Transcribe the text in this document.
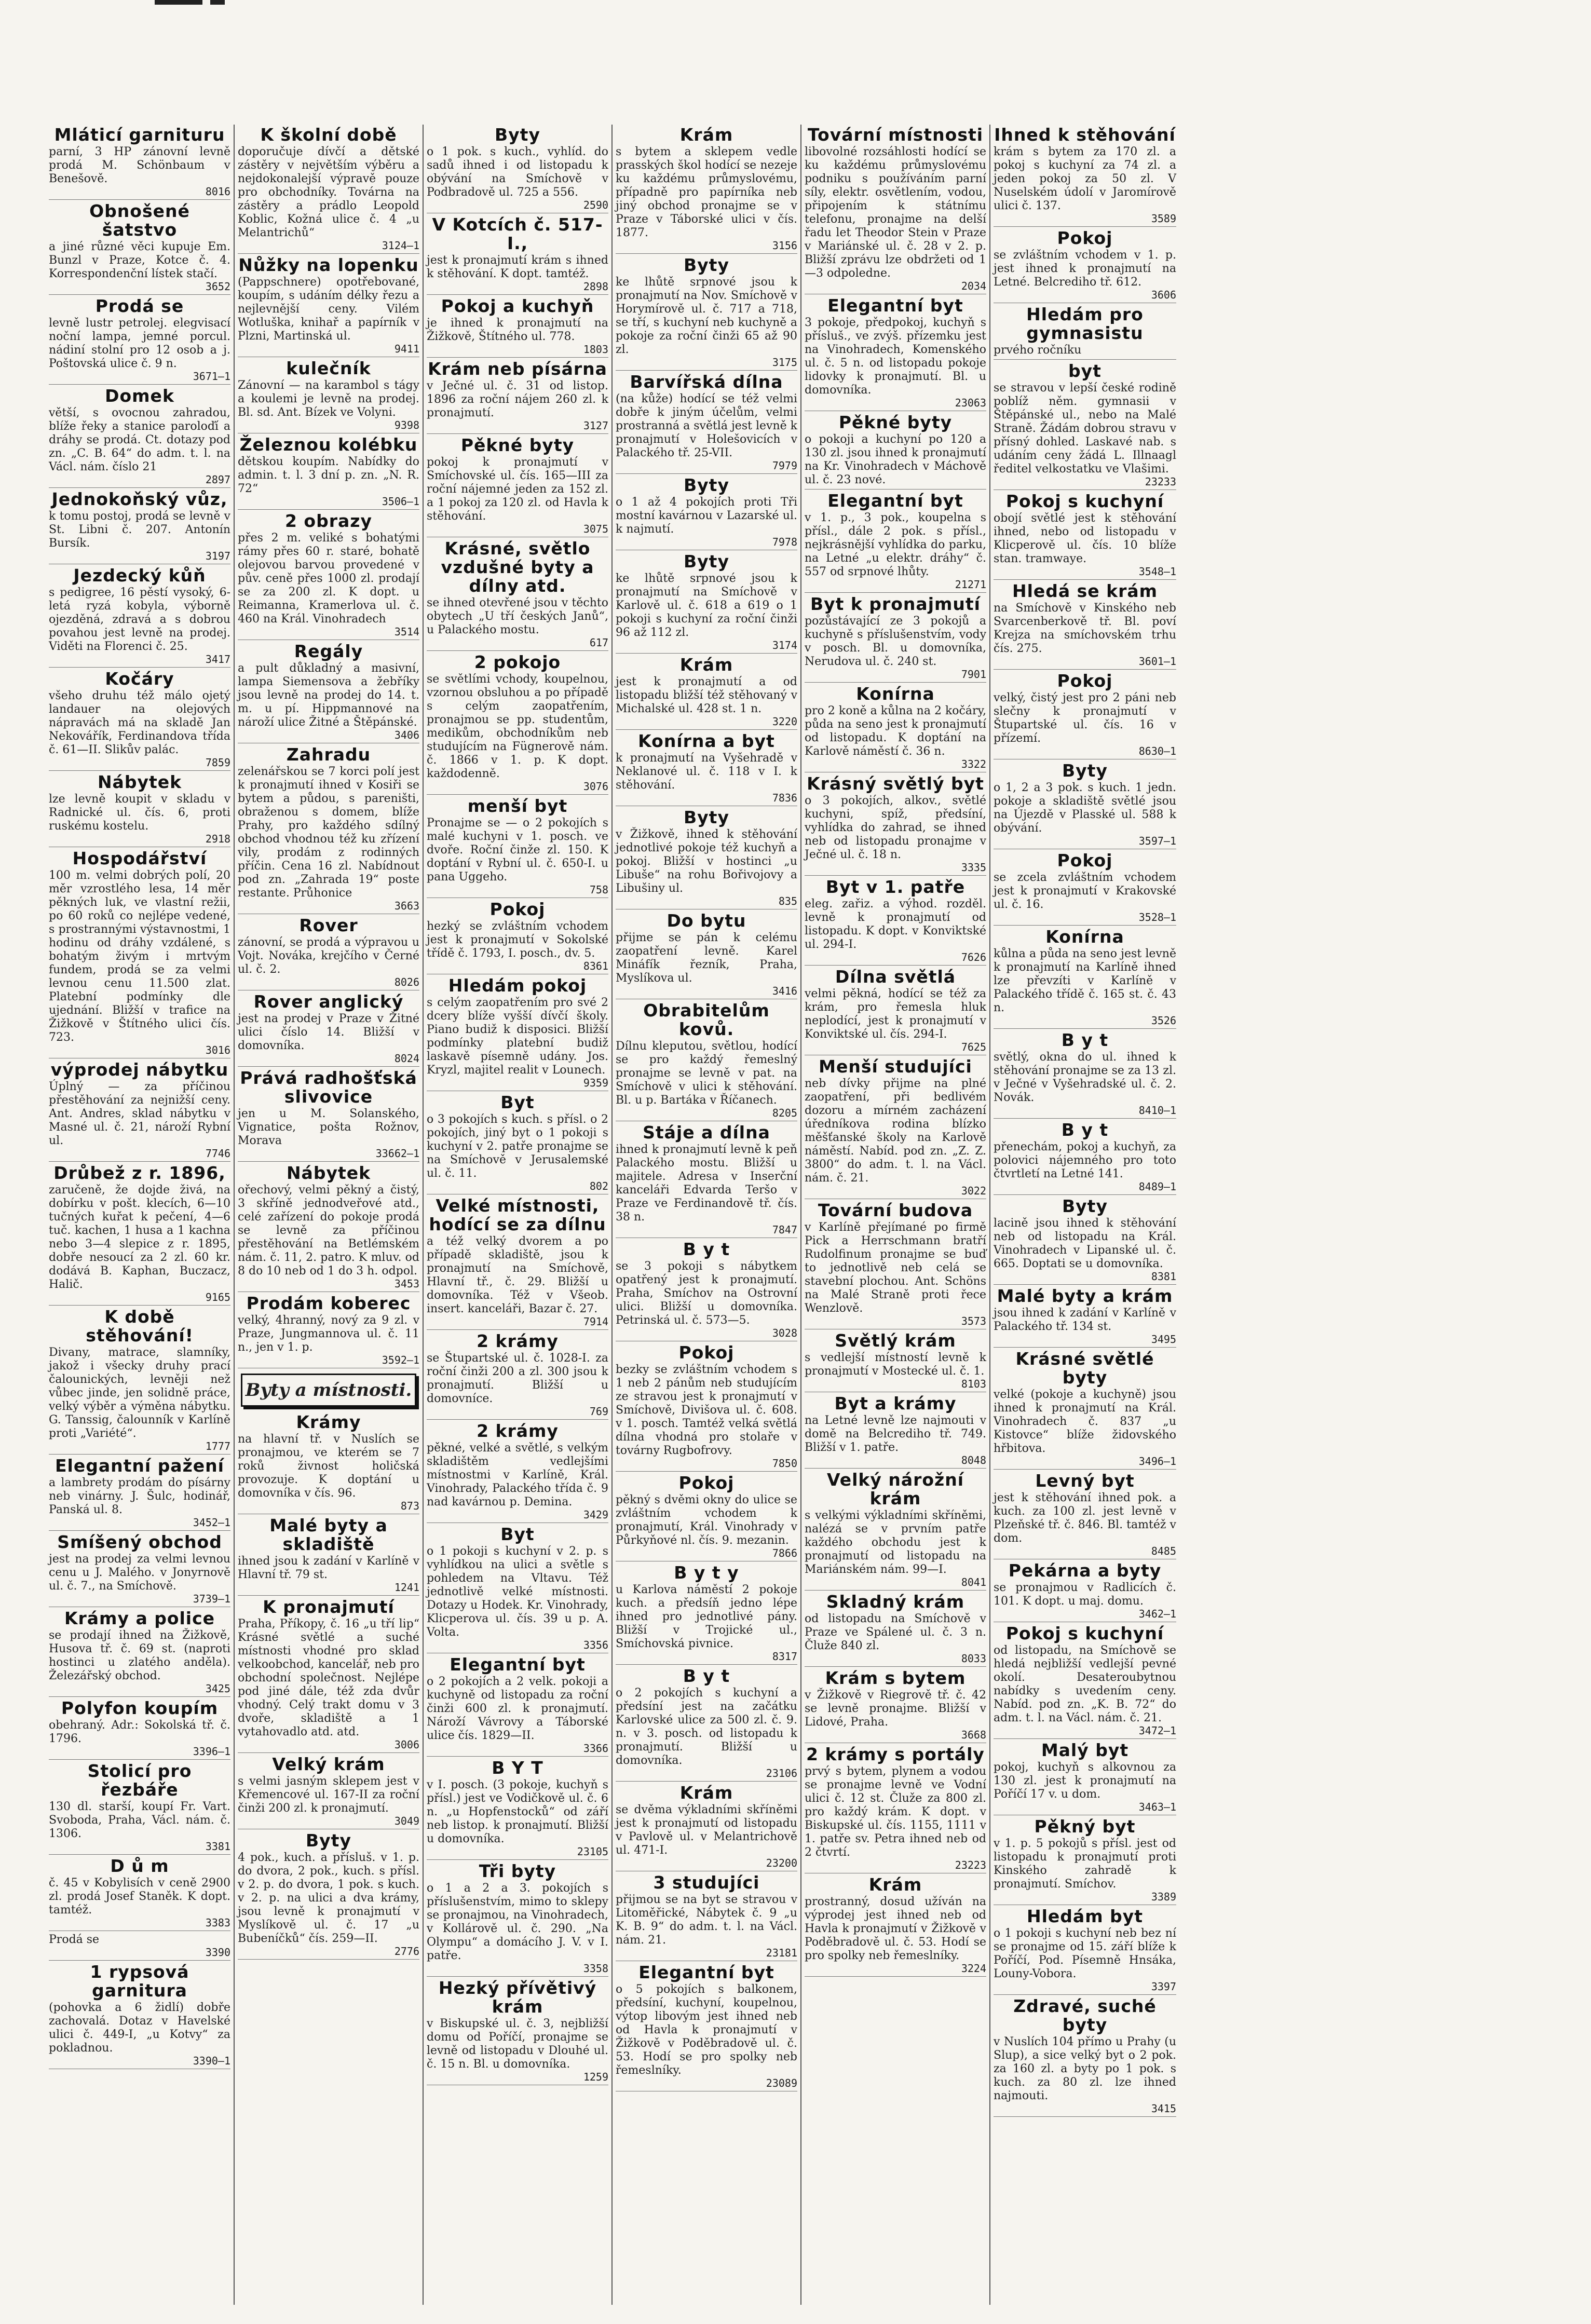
Mláticí garnituru

parní, 3 HP zánovní levně prodá M. Schönbaum v Benešově.

8016

Obnošené šatstvo

a jiné různé věci kupuje Em. Bunzl v Praze, Kotce č. 4. Korrespondenční lístek stačí.

3652

Prodá se

levně lustr petrolej. elegvisací noční lampa, jemné porcul. nádiní stolní pro 12 osob a j. Poštovská ulice č. 9 n.

3671—1

Domek

větší, s ovocnou zahradou, blíže řeky a stanice paroloďí a dráhy se prodá. Ct. dotazy pod zn. „C. B. 64“ do adm. t. l. na Václ. nám. číslo 21

2897

Jednokoňský vůz,

k tomu postoj, prodá se levně v St. Libni č. 207. Antonín Bursík.

3197

Jezdecký kůň

s pedigree, 16 pěstí vysoký, 6-letá ryzá kobyla, výborně ojezděná, zdravá a s dobrou povahou jest levně na prodej. Viděti na Florenci č. 25.

3417

Kočáry

všeho druhu též málo ojetý landauer na olejových nápravách má na skladě Jan Nekovářík, Ferdinandova třída č. 61—II. Slikův palác.

7859

Nábytek

lze levně koupit v skladu v Radnické ul. čís. 6, proti ruskému kostelu.

2918

Hospodářství

100 m. velmi dobrých polí, 20 měr vzrostlého lesa, 14 měr pěkných luk, ve vlastní režii, po 60 roků co nejlépe vedené, s prostrannými výstavnostmi, 1 hodinu od dráhy vzdálené, s bohatým živým i mrtvým fundem, prodá se za velmi levnou cenu 11.500 zlat. Platební podmínky dle ujednání. Bližší v trafice na Žižkově v Štítného ulici čís. 723.

3016

výprodej nábytku

Úplný — za příčinou přestěhování za nejnižší ceny. Ant. Andres, sklad nábytku v Masné ul. č. 21, nároží Rybní ul.

7746

Drůbež z r. 1896,

zaručeně, že dojde živá, na dobírku v pošt. klecích, 6—10 tučných kuřat k pečení, 4—6 tuč. kachen, 1 husa a 1 kachna nebo 3—4 slepice z r. 1895, dobře nesoucí za 2 zl. 60 kr. dodává B. Kaphan, Buczacz, Halič.

9165

K době stěhování!

Divany, matrace, slamníky, jakož i všecky druhy prací čalounických, levněji než vůbec jinde, jen solidně práce, velký výběr a výměna nábytku. G. Tanssig, čalounník v Karlíně proti „Variété“.

1777

Elegantní pažení

a lambrety prodám do písárny neb vinárny. J. Šulc, hodinář, Panská ul. 8.

3452—1

Smíšený obchod

jest na prodej za velmi levnou cenu u J. Malého. v Jonyrnově ul. č. 7., na Smíchově.

3739—1

Krámy a police

se prodají ihned na Žižkově, Husova tř. č. 69 st. (naproti hostinci u zlatého anděla). Železářský obchod.

3425

Polyfon koupím

obehraný. Adr.: Sokolská tř. č. 1796.

3396—1

Stolicí pro řezbáře

130 dl. starší, koupí Fr. Vart. Svoboda, Praha, Václ. nám. č. 1306.

3381

D ů m

č. 45 v Kobylisích v ceně 2900 zl. prodá Josef Staněk. K dopt. tamtéž.

3383

Prodá se

3390

1 rypsová garnitura

(pohovka a 6 židlí) dobře zachovalá. Dotaz v Havelské ulici č. 449-I, „u Kotvy“ za pokladnou.

3390—1

K školní době

doporučuje dívčí a dětské zástěry v největším výběru a nejdokonalejší výpravě pouze pro obchodníky. Továrna na zástěry a prádlo Leopold Koblic, Kožná ulice č. 4 „u Melantrichů“

3124—1

Nůžky na lopenku

(Pappschnere) opotřebované, koupím, s udáním délky řezu a nejlevnější ceny. Vilém Wotluška, knihař a papírník v Plzni, Martinská ul.

9411

kulečník

Zánovní — na karambol s tágy a koulemi je levně na prodej. Bl. sd. Ant. Bízek ve Volyni.

9398

Železnou kolébku

dětskou koupím. Nabídky do admin. t. l. 3 dní p. zn. „N. R. 72“

3506—1

2 obrazy

přes 2 m. veliké s bohatými rámy přes 60 r. staré, bohatě olejovou barvou provedené v pův. ceně přes 1000 zl. prodají se za 200 zl. K dopt. u Reimanna, Kramerlova ul. č. 460 na Král. Vinohradech

3514

Regály

a pult důkladný a masivní, lampa Siemensova a žebříky jsou levně na prodej do 14. t. m. u pí. Hippmannové na nároží ulice Žitné a Štěpánské.

3406

Zahradu

zelenářskou se 7 korci polí jest k pronajmutí ihned v Kosiři se bytem a půdou, s pareništi, obraženou s domem, blíže Prahy, pro každého sdílný obchod vhodnou též ku zřízení vily, prodám z rodinných příčin. Cena 16 zl. Nabídnout pod zn. „Zahrada 19“ poste restante. Průhonice

3663

Rover

zánovní, se prodá a výpravou u Vojt. Nováka, krejčího v Černé ul. č. 2.

8026

Rover anglický

jest na prodej v Praze v Žitné ulici číslo 14. Bližší v domovníka.

8024

Prává radhošťská slivovice

jen u M. Solanského, Vignatice, pošta Rožnov, Morava

33662—1

Nábytek

ořechový, velmi pěkný a čistý, 3 skříně jednodveřové atd., celé zařízení do pokoje prodá se levně za příčinou přestěhování na Betlémském nám. č. 11, 2. patro. K mluv. od 8 do 10 neb od 1 do 3 h. odpol.

3453

Prodám koberec

velký, 4hranný, nový za 9 zl. v Praze, Jungmannova ul. č. 11 n., jen v 1. p.

3592—1

Byty a místnosti.
Krámy

na hlavní tř. v Nuslích se pronajmou, ve kterém se 7 roků živnost holičská provozuje. K doptání u domovníka v čís. 96.

873

Malé byty a skladiště

ihned jsou k zadání v Karlíně v Hlavní tř. 79 st.

1241

K pronajmutí

Praha, Příkopy, č. 16 „u tří lip“ Krásné světlé a suché místnosti vhodné pro sklad velkoobchod, kancelář, neb pro obchodní společnost. Nejlépe pod jiné dále, též zda dvůr vhodný. Celý trakt domu v 3 dvoře, skladiště a 1 vytahovadlo atd. atd.

3006

Velký krám

s velmi jasným sklepem jest v Křemencové ul. 167-II za roční činži 200 zl. k pronajmutí.

3049

Byty

4 pok., kuch. a přísluš. v 1. p. do dvora, 2 pok., kuch. s přísl. v 2. p. do dvora, 1 pok. s kuch. v 2. p. na ulici a dva krámy, jsou levně k pronajmutí v Myslíkově ul. č. 17 „u Bubeníčků“ čís. 259—II.

2776

Byty

o 1 pok. s kuch., vyhlíd. do sadů ihned i od listopadu k obývání na Smíchově v Podbradově ul. 725 a 556.

2590

V Kotcích č. 517-I.,

jest k pronajmutí krám s ihned k stěhování. K dopt. tamtéž.

2898

Pokoj a kuchyň

je ihned k pronajmutí na Žižkově, Štítného ul. 778.

1803

Krám neb písárna

v Ječné ul. č. 31 od listop. 1896 za roční nájem 260 zl. k pronajmutí.

3127

Pěkné byty

pokoj k pronajmutí v Smíchovské ul. čís. 165—III za roční nájemné jeden za 152 zl. a 1 pokoj za 120 zl. od Havla k stěhování.

3075

Krásné, světlo vzdušné byty a dílny atd.

se ihned otevřené jsou v těchto obytech „U tří českých Janů“, u Palackého mostu.

617

2 pokojo

se světlími vchody, koupelnou, vzornou obsluhou a po případě s celým zaopatřením, pronajmou se pp. studentům, medikům, obchodníkům neb studujícím na Fügnerově nám. č. 1866 v 1. p. K dopt. každodenně.

3076

menší byt

Pronajme se — o 2 pokojích s malé kuchyni v 1. posch. ve dvoře. Roční činže zl. 150. K doptání v Rybní ul. č. 650-I. u pana Uggeho.

758

Pokoj

hezký se zvláštním vchodem jest k pronajmutí v Sokolské třídě č. 1793, I. posch., dv. 5.

8361

Hledám pokoj

s celým zaopatřením pro své 2 dcery blíže vyšší dívčí školy. Piano budiž k disposici. Bližší podmínky platební budiž laskavě písemně udány. Jos. Kryzl, majitel realit v Lounech.

9359

Byt

o 3 pokojích s kuch. s přísl. o 2 pokojích, jiný byt o 1 pokoji s kuchyní v 2. patře pronajme se na Smíchově v Jerusalemské ul. č. 11.

802

Velké místnosti, hodící se za dílnu

a též velký dvorem a po případě skladiště, jsou k pronajmutí na Smíchově, Hlavní tř., č. 29. Bližší u domovníka. Též v Všeob. insert. kanceláři, Bazar č. 27.

7914

2 krámy

se Štupartské ul. č. 1028-I. za roční činži 200 a zl. 300 jsou k pronajmutí. Bližší u domovníce.

769

2 krámy

pěkné, velké a světlé, s velkým skladištěm vedlejšími místnostmi v Karlíně, Král. Vinohrady, Palackého třída č. 9 nad kavárnou p. Demina.

3429

Byt

o 1 pokoji s kuchyní v 2. p. s vyhlídkou na ulici a světle s pohledem na Vltavu. Též jednotlivě velké místnosti. Dotazy u Hodek. Kr. Vinohrady, Klicperova ul. čís. 39 u p. A. Volta.

3356

Elegantní byt

o 2 pokojích a 2 velk. pokoji a kuchyně od listopadu za roční činži 600 zl. k pronajmutí. Nároží Vávrovy a Táborské ulice čís. 1829—II.

3366

B Y T

v I. posch. (3 pokoje, kuchyň s přísl.) jest ve Vodičkově ul. č. 6 n. „u Hopfenstocků“ od září neb listop. k pronajmutí. Bližší u domovníka.

23105

Tři byty

o 1 a 2 a 3. pokojích s příslušenstvím, mimo to sklepy se pronajmou, na Vinohradech, v Kollárově ul. č. 290. „Na Olympu“ a domácího J. V. v I. patře.

3358

Hezký přívětivý krám

v Biskupské ul. č. 3, nejbližší domu od Poříčí, pronajme se levně od listopadu v Dlouhé ul. č. 15 n. Bl. u domovníka.

1259

Krám

s bytem a sklepem vedle prasských škol hodící se nezeje ku každému průmyslovému, případně pro papírníka neb jiný obchod pronajme se v Praze v Táborské ulici v čís. 1877.

3156

Byty

ke lhůtě srpnové jsou k pronajmutí na Nov. Smíchově v Horymírově ul. č. 717 a 718, se tří, s kuchyní neb kuchyně a pokoje za roční činži 65 až 90 zl.

3175

Barvířská dílna

(na kůže) hodící se též velmi dobře k jiným účelům, velmi prostranná a světlá jest levně k pronajmutí v Holešovicích v Palackého tř. 25-VII.

7979

Byty

o 1 až 4 pokojích proti Tři mostní kavárnou v Lazarské ul. k najmutí.

7978

Byty

ke lhůtě srpnové jsou k pronajmutí na Smíchově v Karlově ul. č. 618 a 619 o 1 pokoji s kuchyní za roční činži 96 až 112 zl.

3174

Krám

jest k pronajmutí a od listopadu bližší též stěhovaný v Michalské ul. 428 st. 1 n.

3220

Konírna a byt

k pronajmutí na Vyšehradě v Neklanové ul. č. 118 v I. k stěhování.

7836

Byty

v Žižkově, ihned k stěhování jednotlivé pokoje též kuchyň a pokoj. Bližší v hostinci „u Libuše“ na rohu Bořivojovy a Libušiny ul.

835

Do bytu

přijme se pán k celému zaopatření levně. Karel Mináfík řezník, Praha, Myslíkova ul.

3416

Obrabitelům kovů.

Dílnu kleputou, světlou, hodící se pro každý řemeslný pronajme se levně v pat. na Smíchově v ulici k stěhování. Bl. u p. Bartáka v Říčanech.

8205

Stáje a dílna

ihned k pronajmutí levně k peň Palackého mostu. Bližší u majitele. Adresa v Inserční kanceláři Edvarda Teršo v Praze ve Ferdinandově tř. čís. 38 n.

7847

B y t

se 3 pokoji s nábytkem opatřený jest k pronajmutí. Praha, Smíchov na Ostrovní ulici. Bližší u domovníka. Petrinská ul. č. 573—5.

3028

Pokoj

bezky se zvláštním vchodem s 1 neb 2 pánům neb studujícím ze stravou jest k pronajmutí v Smíchově, Divišova ul. č. 608. v 1. posch. Tamtéž velká světlá dílna vhodná pro stolaře v továrny Rugbofrovy.

7850

Pokoj

pěkný s dvěmi okny do ulice se zvláštním vchodem k pronajmutí, Král. Vinohrady v Půrkyňové nl. čís. 9. mezanin.

7866

B y t y

u Karlova náměstí 2 pokoje kuch. a předsíň jedno lépe ihned pro jednotlivé pány. Bližší v Trojické ul., Smíchovská pivnice.

8317

B y t

o 2 pokojích s kuchyní a předsíní jest na začátku Karlovské ulice za 500 zl. č. 9. n. v 3. posch. od listopadu k pronajmutí. Bližší u domovníka.

23106

Krám

se dvěma výkladními skříněmi jest k pronajmutí od listopadu v Pavlově ul. v Melantrichově ul. 471-I.

23200

3 studujíci

přijmou se na byt se stravou v Litoměřické, Nábytek č. 9 „u K. B. 9“ do adm. t. l. na Václ. nám. 21.

23181

Elegantní byt

o 5 pokojích s balkonem, předsíní, kuchyní, koupelnou, výtop libovým jest ihned neb od Havla k pronajmutí v Žižkově v Poděbradově ul. č. 53. Hodí se pro spolky neb řemeslníky.

23089

Tovární místnosti

libovolné rozsáhlosti hodící se ku každému průmyslovému podniku s používáním parní síly, elektr. osvětlením, vodou, připojením k státnímu telefonu, pronajme na delší řadu let Theodor Stein v Praze v Mariánské ul. č. 28 v 2. p. Bližší zprávu lze obdržeti od 1—3 odpoledne.

2034

Elegantní byt

3 pokoje, předpokoj, kuchyň s přísluš., ve zvýš. přízemku jest na Vinohradech, Komenského ul. č. 5 n. od listopadu pokoje lidovky k pronajmutí. Bl. u domovníka.

23063

Pěkné byty

o pokoji a kuchyní po 120 a 130 zl. jsou ihned k pronajmutí na Kr. Vinohradech v Máchově ul. č. 23 nové.

Elegantní byt

v 1. p., 3 pok., koupelna s přísl., dále 2 pok. s přísl., nejkrásnější vyhlídka do parku, na Letné „u elektr. dráhy“ č. 557 od srpnové lhůty.

21271

Byt k pronajmutí

pozůstávající ze 3 pokojů a kuchyně s příslušenstvím, vody v posch. Bl. u domovníka, Nerudova ul. č. 240 st.

7901

Konírna

pro 2 koně a kůlna na 2 kočáry, půda na seno jest k pronajmutí od listopadu. K doptání na Karlově náměstí č. 36 n.

3322

Krásný světlý byt

o 3 pokojích, alkov., světlé kuchyni, spíž, předsíní, vyhlídka do zahrad, se ihned neb od listopadu pronajme v Ječné ul. č. 18 n.

3335

Byt v 1. patře

eleg. zařiz. a výhod. rozděl. levně k pronajmutí od listopadu. K dopt. v Konviktské ul. 294-I.

7626

Dílna světlá

velmi pěkná, hodící se též za krám, pro řemesla hluk neplodící, jest k pronajmutí v Konviktské ul. čís. 294-I.

7625

Menší studujíci

neb dívky přijme na plné zaopatření, při bedlivém dozoru a mírném zacházení úředníkova rodina blízko měšťanské školy na Karlově náměstí. Nabíd. pod zn. „Z. Z. 3800“ do adm. t. l. na Václ. nám. č. 21.

3022

Tovární budova

v Karlíně přejímané po firmě Pick a Herrschmann bratří Rudolfinum pronajme se buď to jednotlivě neb celá se stavební plochou. Ant. Schöns na Malé Straně proti řece Wenzlově.

3573

Světlý krám

s vedlejší místností levně k pronajmutí v Mostecké ul. č. 1.

8103

Byt a krámy

na Letné levně lze najmouti v domě na Belcrediho tř. 749. Bližší v 1. patře.

8048

Velký nárožní krám

s velkými výkladními skříněmi, nalézá se v prvním patře každého obchodu jest k pronajmutí od listopadu na Mariánském nám. 99—I.

8041

Skladný krám

od listopadu na Smíchově v Praze ve Spálené ul. č. 3 n. Čluže 840 zl.

8033

Krám s bytem

v Žižkově v Riegrově tř. č. 42 se levně pronajme. Bližší v Lidové, Praha.

3668

2 krámy s portály

prvý s bytem, plynem a vodou se pronajme levně ve Vodní ulici č. 12 st. Čluže za 800 zl. pro každý krám. K dopt. v Biskupské ul. čís. 1155, 1111 v 1. patře sv. Petra ihned neb od 2 čtvrtí.

23223

Krám

prostranný, dosud užíván na výprodej jest ihned neb od Havla k pronajmutí v Žižkově v Poděbradově ul. č. 53. Hodí se pro spolky neb řemeslníky.

3224

Ihned k stěhování

krám s bytem za 170 zl. a pokoj s kuchyní za 74 zl. a jeden pokoj za 50 zl. V Nuselském údolí v Jaromírově ulici č. 137.

3589

Pokoj

se zvláštním vchodem v 1. p. jest ihned k pronajmutí na Letné. Belcrediho tř. 612.

3606

Hledám pro gymnasistu

prvého ročníku

byt

se stravou v lepší české rodině poblíž něm. gymnasii v Štěpánské ul., nebo na Malé Straně. Žádám dobrou stravu v přísný dohled. Laskavé nab. s udáním ceny žádá L. Illnaagl ředitel velkostatku ve Vlašimi.

23233

Pokoj s kuchyní

obojí světlé jest k stěhování ihned, nebo od listopadu v Klicperově ul. čís. 10 blíže stan. tramwaye.

3548—1

Hledá se krám

na Smíchově v Kinského neb Svarcenberkově tř. Bl. poví Krejza na smíchovském trhu čís. 275.

3601—1

Pokoj

velký, čistý jest pro 2 páni neb slečny k pronajmutí v Štupartské ul. čís. 16 v přízemí.

8630—1

Byty

o 1, 2 a 3 pok. s kuch. 1 jedn. pokoje a skladiště světlé jsou na Újezdě v Plasské ul. 588 k obývání.

3597—1

Pokoj

se zcela zvláštním vchodem jest k pronajmutí v Krakovské ul. č. 16.

3528—1

Konírna

kůlna a půda na seno jest levně k pronajmutí na Karlíně ihned lze převzíti v Karlíně v Palackého třídě č. 165 st. č. 43 n.

3526

B y t

světlý, okna do ul. ihned k stěhování pronajme se za 13 zl. v Ječné v Vyšehradské ul. č. 2. Novák.

8410—1

B y t

přenechám, pokoj a kuchyň, za polovici nájemného pro toto čtvrtletí na Letné 141.

8489—1

Byty

lacině jsou ihned k stěhování neb od listopadu na Král. Vinohradech v Lipanské ul. č. 665. Doptati se u domovníka.

8381

Malé byty a krám

jsou ihned k zadání v Karlíně v Palackého tř. 134 st.

3495

Krásné světlé byty

velké (pokoje a kuchyně) jsou ihned k pronajmutí na Král. Vinohradech č. 837 „u Kistovce“ blíže židovského hřbitova.

3496—1

Levný byt

jest k stěhování ihned pok. a kuch. za 100 zl. jest levně v Plzeňské tř. č. 846. Bl. tamtéž v dom.

8485

Pekárna a byty

se pronajmou v Radlicích č. 101. K dopt. u maj. domu.

3462—1

Pokoj s kuchyní

od listopadu, na Smíchově se hledá nejbližší vedlejší pevné okolí. Desateroubytnou nabídky s uvedením ceny. Nabíd. pod zn. „K. B. 72“ do adm. t. l. na Václ. nám. č. 21.

3472—1

Malý byt

pokoj, kuchyň s alkovnou za 130 zl. jest k pronajmutí na Poříčí 17 v. u dom.

3463—1

Pěkný byt

v 1. p. 5 pokojů s přísl. jest od listopadu k pronajmutí proti Kinského zahradě k pronajmutí. Smíchov.

3389

Hledám byt

o 1 pokoji s kuchyní neb bez ní se pronajme od 15. září blíže k Poříčí, Pod. Písemně Hnsáka, Louny-Vobora.

3397

Zdravé, suché byty

v Nuslích 104 přímo u Prahy (u Slup), a sice velký byt o 2 pok. za 160 zl. a byty po 1 pok. s kuch. za 80 zl. lze ihned najmouti.

3415
